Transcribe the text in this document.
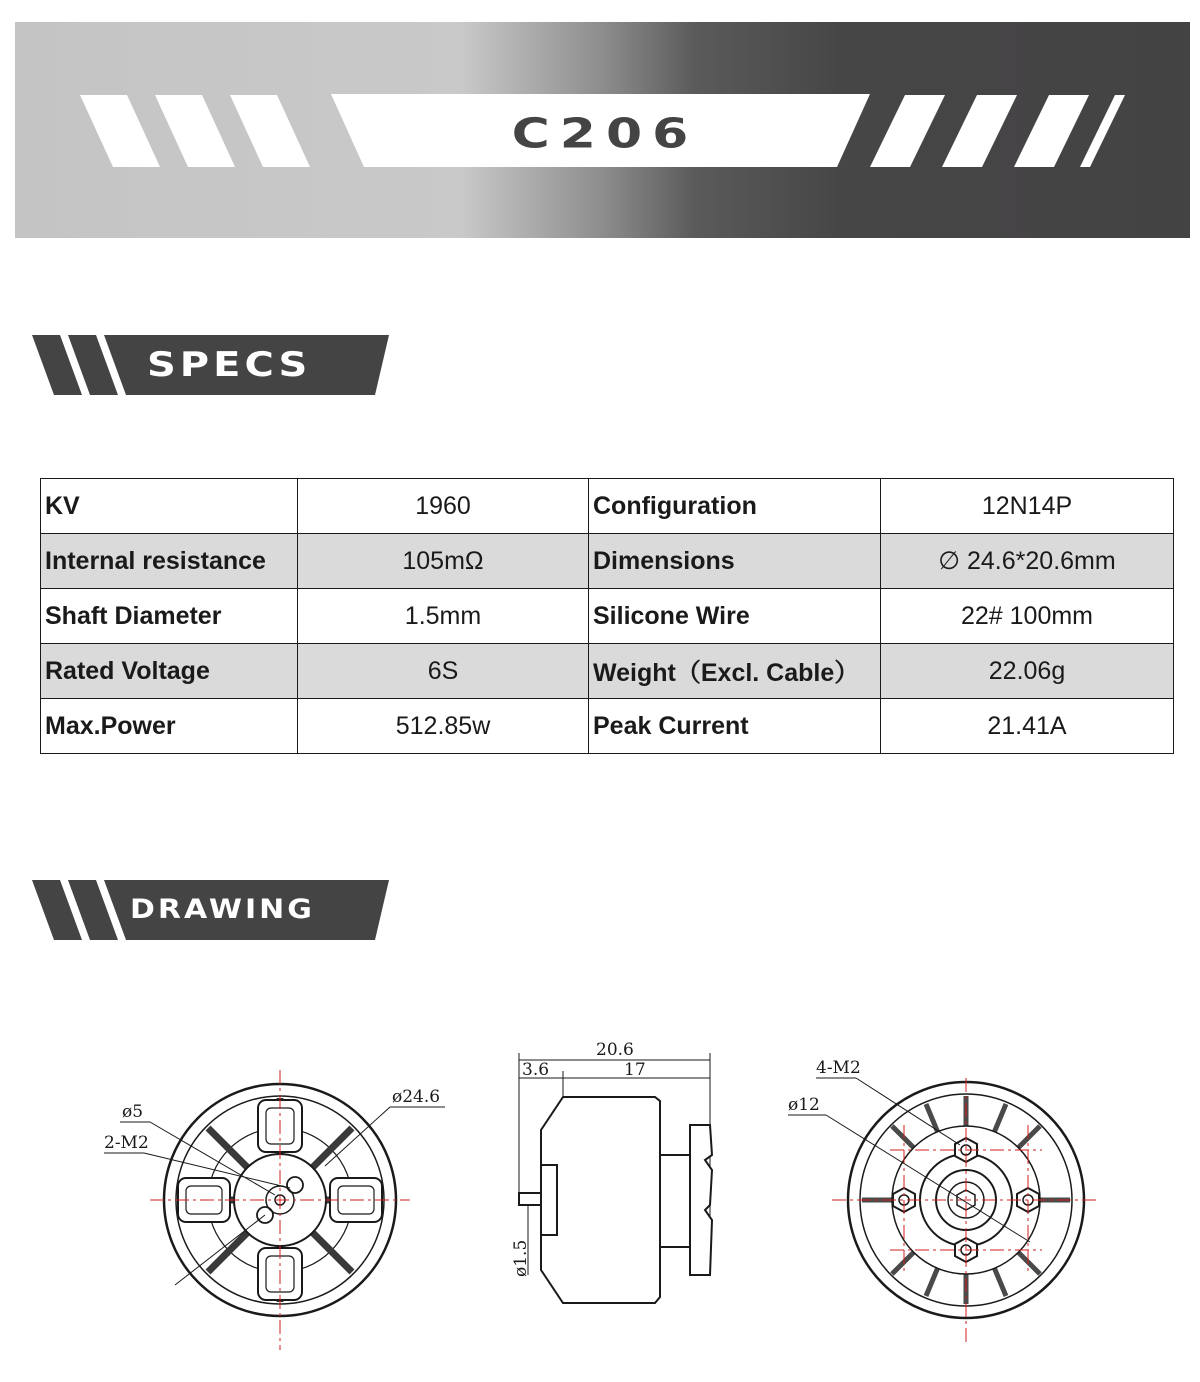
C206
SPECS
KV	1960	Configuration	12N14P
Internal resistance	105mΩ	Dimensions	∅ 24.6*20.6mm
Shaft Diameter	1.5mm	Silicone Wire	22# 100mm
Rated Voltage	6S	Weight（Excl. Cable）	22.06g
Max.Power	512.85w	Peak Current	21.41A
DRAWING
ø5
2-M2
ø24.6
20.6
3.6	17
ø1.5
4-M2
ø12
